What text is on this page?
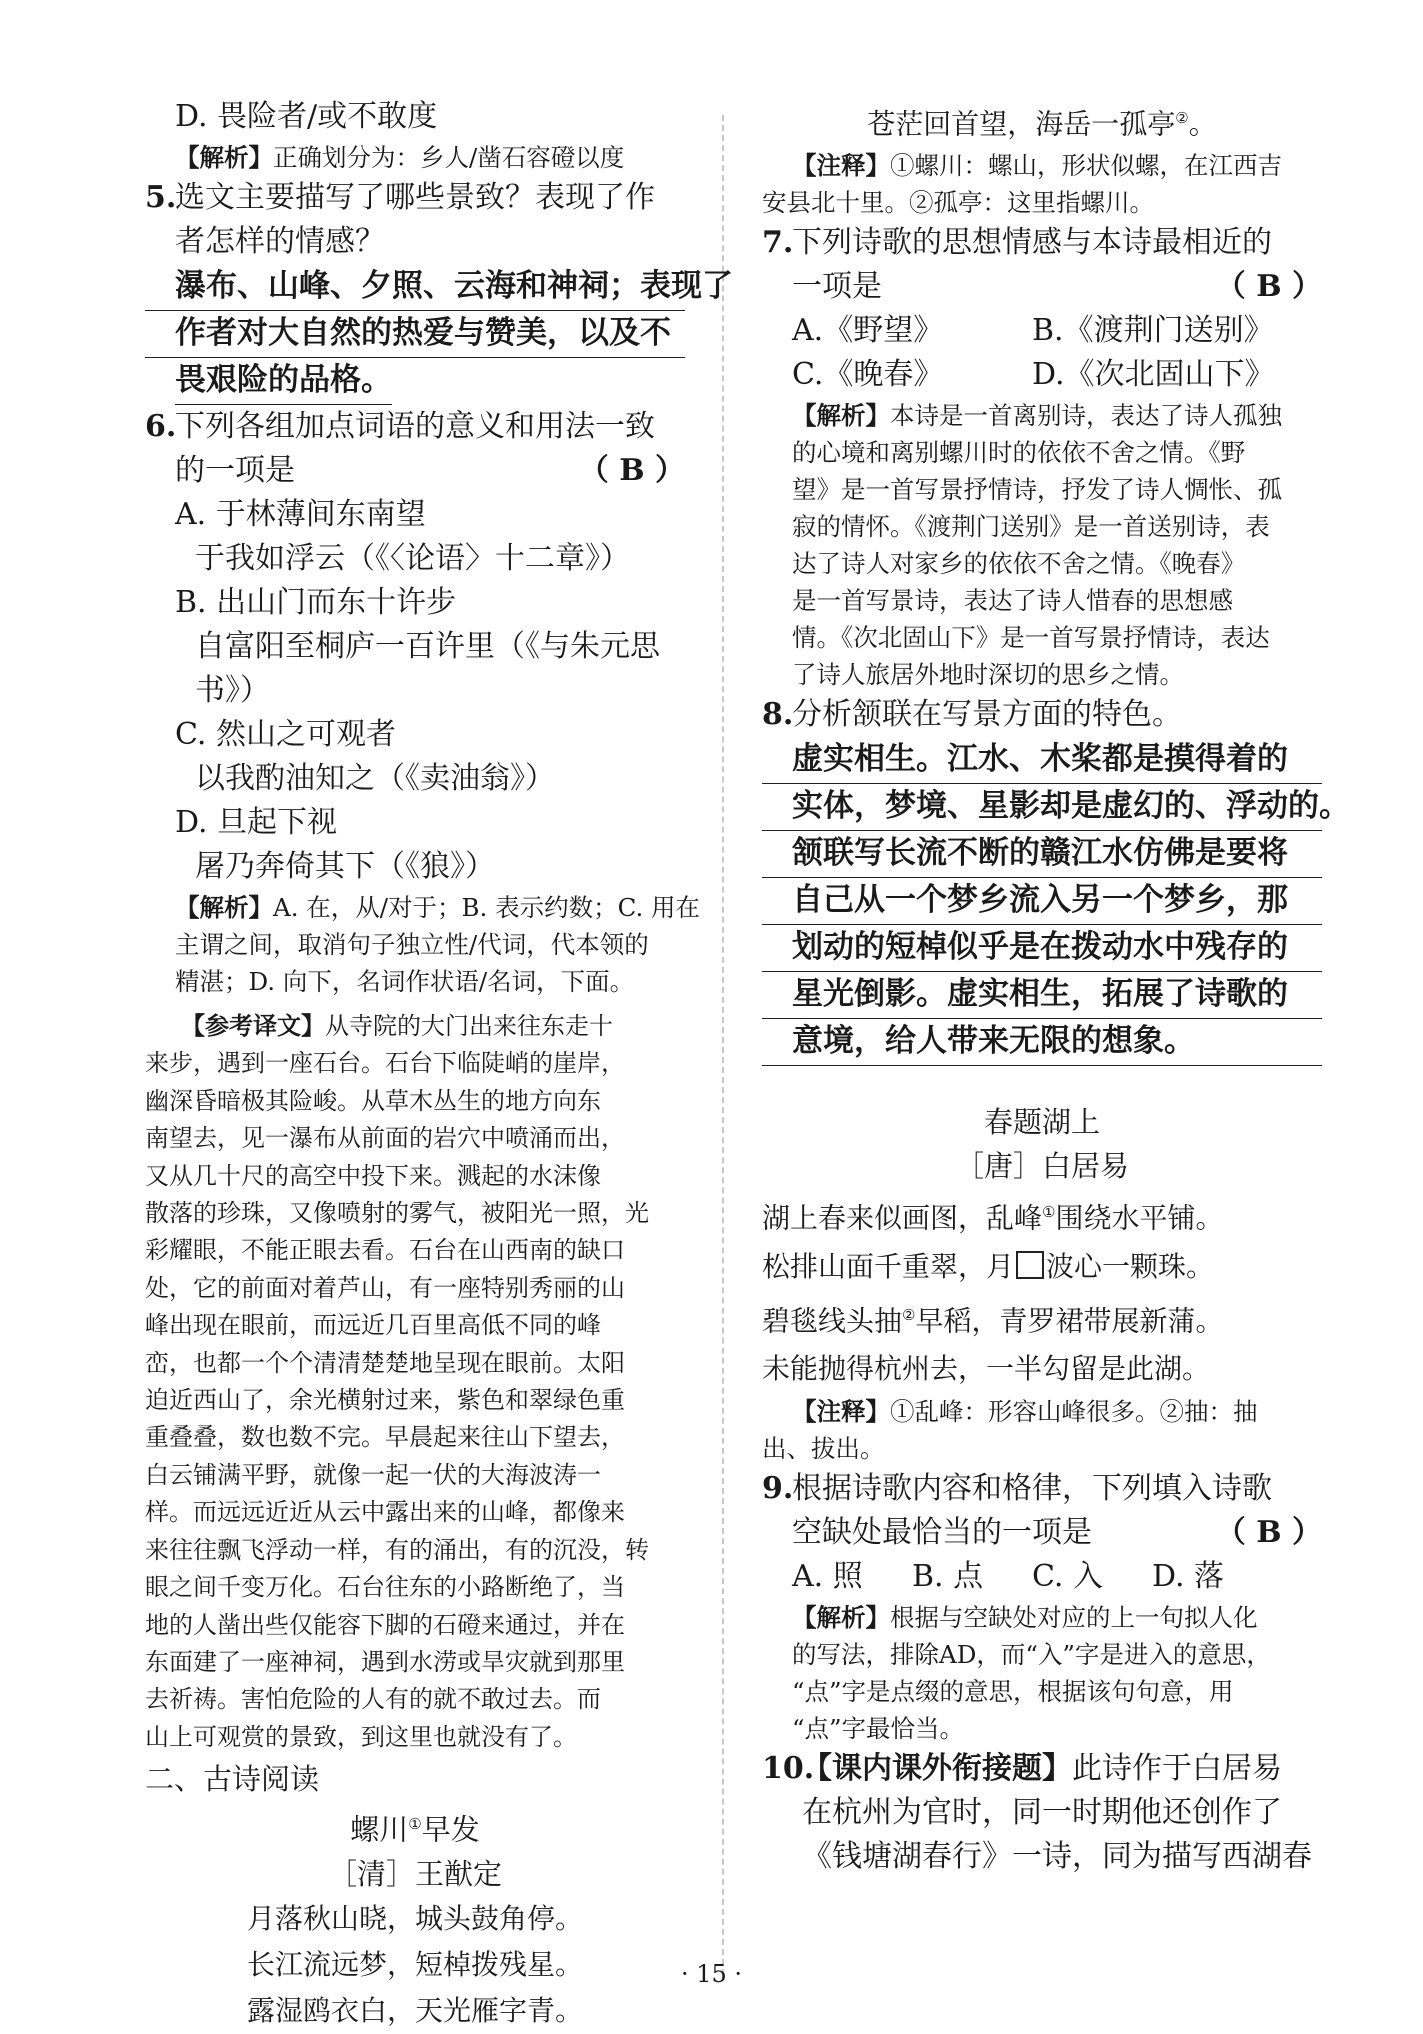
D. 畏险者/或不敢度
【解析】正确划分为：乡人/凿石容磴以度
5.
选文主要描写了哪些景致？表现了作
者怎样的情感？
瀑布、山峰、夕照、云海和神祠；表现了
作者对大自然的热爱与赞美，以及不
畏艰险的品格。
6.
下列各组加点词语的意义和用法一致
的一项是	（ B ）
A. 于林薄间东南望
于我如浮云（《〈论语〉十二章》）
B. 出山门而东十许步
自富阳至桐庐一百许里（《与朱元思
书》）
C. 然山之可观者
以我酌油知之（《卖油翁》）
D. 旦起下视
屠乃奔倚其下（《狼》）
【解析】A. 在，从/对于；B. 表示约数；C. 用在
主谓之间，取消句子独立性/代词，代本领的
精湛；D. 向下，名词作状语/名词，下面。
【参考译文】从寺院的大门出来往东走十
来步，遇到一座石台。石台下临陡峭的崖岸，
幽深昏暗极其险峻。从草木丛生的地方向东
南望去，见一瀑布从前面的岩穴中喷涌而出，
又从几十尺的高空中投下来。溅起的水沫像
散落的珍珠，又像喷射的雾气，被阳光一照，光
彩耀眼，不能正眼去看。石台在山西南的缺口
处，它的前面对着芦山，有一座特别秀丽的山
峰出现在眼前，而远近几百里高低不同的峰
峦，也都一个个清清楚楚地呈现在眼前。太阳
迫近西山了，余光横射过来，紫色和翠绿色重
重叠叠，数也数不完。早晨起来往山下望去，
白云铺满平野，就像一起一伏的大海波涛一
样。而远远近近从云中露出来的山峰，都像来
来往往飘飞浮动一样，有的涌出，有的沉没，转
眼之间千变万化。石台往东的小路断绝了，当
地的人凿出些仅能容下脚的石磴来通过，并在
东面建了一座神祠，遇到水涝或旱灾就到那里
去祈祷。害怕危险的人有的就不敢过去。而
山上可观赏的景致，到这里也就没有了。
二、古诗阅读
螺川①早发
［清］王猷定
月落秋山晓，城头鼓角停。
长江流远梦，短棹拨残星。
露湿鸥衣白，天光雁字青。
苍茫回首望，海岳一孤亭②。
【注释】①螺川：螺山，形状似螺，在江西吉
安县北十里。②孤亭：这里指螺川。
7.
下列诗歌的思想情感与本诗最相近的
一项是	（ B ）
A.《野望》	B.《渡荆门送别》
C.《晚春》	D.《次北固山下》
【解析】本诗是一首离别诗，表达了诗人孤独
的心境和离别螺川时的依依不舍之情。《野
望》是一首写景抒情诗，抒发了诗人惆怅、孤
寂的情怀。《渡荆门送别》是一首送别诗，表
达了诗人对家乡的依依不舍之情。《晚春》
是一首写景诗，表达了诗人惜春的思想感
情。《次北固山下》是一首写景抒情诗，表达
了诗人旅居外地时深切的思乡之情。
8.
分析颔联在写景方面的特色。
虚实相生。江水、木桨都是摸得着的
实体，梦境、星影却是虚幻的、浮动的。
颔联写长流不断的赣江水仿佛是要将
自己从一个梦乡流入另一个梦乡，那
划动的短棹似乎是在拨动水中残存的
星光倒影。虚实相生，拓展了诗歌的
意境，给人带来无限的想象。
春题湖上
［唐］白居易
湖上春来似画图，乱峰①围绕水平铺。
松排山面千重翠，月 波心一颗珠。
碧毯线头抽②早稻，青罗裙带展新蒲。
未能抛得杭州去，一半勾留是此湖。
【注释】①乱峰：形容山峰很多。②抽：抽
出、拔出。
9.
根据诗歌内容和格律，下列填入诗歌
空缺处最恰当的一项是	（ B ）
A. 照	B. 点	C. 入	D. 落
【解析】根据与空缺处对应的上一句拟人化
的写法，排除AD，而“入”字是进入的意思，
“点”字是点缀的意思，根据该句句意，用
“点”字最恰当。
10.
【课内课外衔接题】 此诗作于白居易
在杭州为官时，同一时期他还创作了
《钱塘湖春行》一诗，同为描写西湖春
· 15 ·
